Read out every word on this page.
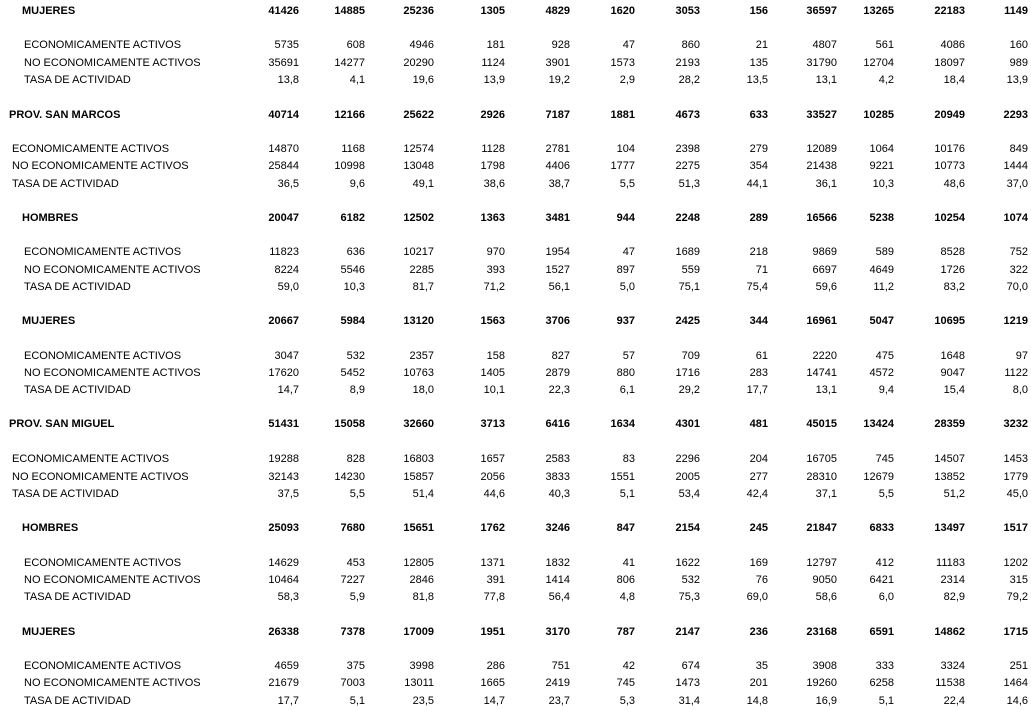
MUJERES	41426	14885	25236	1305	4829	1620	3053	156	36597	13265	22183	1149
ECONOMICAMENTE ACTIVOS	5735	608	4946	181	928	47	860	21	4807	561	4086	160
NO ECONOMICAMENTE ACTIVOS	35691	14277	20290	1124	3901	1573	2193	135	31790	12704	18097	989
TASA DE ACTIVIDAD	13,8	4,1	19,6	13,9	19,2	2,9	28,2	13,5	13,1	4,2	18,4	13,9
PROV. SAN MARCOS	40714	12166	25622	2926	7187	1881	4673	633	33527	10285	20949	2293
ECONOMICAMENTE ACTIVOS	14870	1168	12574	1128	2781	104	2398	279	12089	1064	10176	849
NO ECONOMICAMENTE ACTIVOS	25844	10998	13048	1798	4406	1777	2275	354	21438	9221	10773	1444
TASA DE ACTIVIDAD	36,5	9,6	49,1	38,6	38,7	5,5	51,3	44,1	36,1	10,3	48,6	37,0
HOMBRES	20047	6182	12502	1363	3481	944	2248	289	16566	5238	10254	1074
ECONOMICAMENTE ACTIVOS	11823	636	10217	970	1954	47	1689	218	9869	589	8528	752
NO ECONOMICAMENTE ACTIVOS	8224	5546	2285	393	1527	897	559	71	6697	4649	1726	322
TASA DE ACTIVIDAD	59,0	10,3	81,7	71,2	56,1	5,0	75,1	75,4	59,6	11,2	83,2	70,0
MUJERES	20667	5984	13120	1563	3706	937	2425	344	16961	5047	10695	1219
ECONOMICAMENTE ACTIVOS	3047	532	2357	158	827	57	709	61	2220	475	1648	97
NO ECONOMICAMENTE ACTIVOS	17620	5452	10763	1405	2879	880	1716	283	14741	4572	9047	1122
TASA DE ACTIVIDAD	14,7	8,9	18,0	10,1	22,3	6,1	29,2	17,7	13,1	9,4	15,4	8,0
PROV. SAN MIGUEL	51431	15058	32660	3713	6416	1634	4301	481	45015	13424	28359	3232
ECONOMICAMENTE ACTIVOS	19288	828	16803	1657	2583	83	2296	204	16705	745	14507	1453
NO ECONOMICAMENTE ACTIVOS	32143	14230	15857	2056	3833	1551	2005	277	28310	12679	13852	1779
TASA DE ACTIVIDAD	37,5	5,5	51,4	44,6	40,3	5,1	53,4	42,4	37,1	5,5	51,2	45,0
HOMBRES	25093	7680	15651	1762	3246	847	2154	245	21847	6833	13497	1517
ECONOMICAMENTE ACTIVOS	14629	453	12805	1371	1832	41	1622	169	12797	412	11183	1202
NO ECONOMICAMENTE ACTIVOS	10464	7227	2846	391	1414	806	532	76	9050	6421	2314	315
TASA DE ACTIVIDAD	58,3	5,9	81,8	77,8	56,4	4,8	75,3	69,0	58,6	6,0	82,9	79,2
MUJERES	26338	7378	17009	1951	3170	787	2147	236	23168	6591	14862	1715
ECONOMICAMENTE ACTIVOS	4659	375	3998	286	751	42	674	35	3908	333	3324	251
NO ECONOMICAMENTE ACTIVOS	21679	7003	13011	1665	2419	745	1473	201	19260	6258	11538	1464
TASA DE ACTIVIDAD	17,7	5,1	23,5	14,7	23,7	5,3	31,4	14,8	16,9	5,1	22,4	14,6
